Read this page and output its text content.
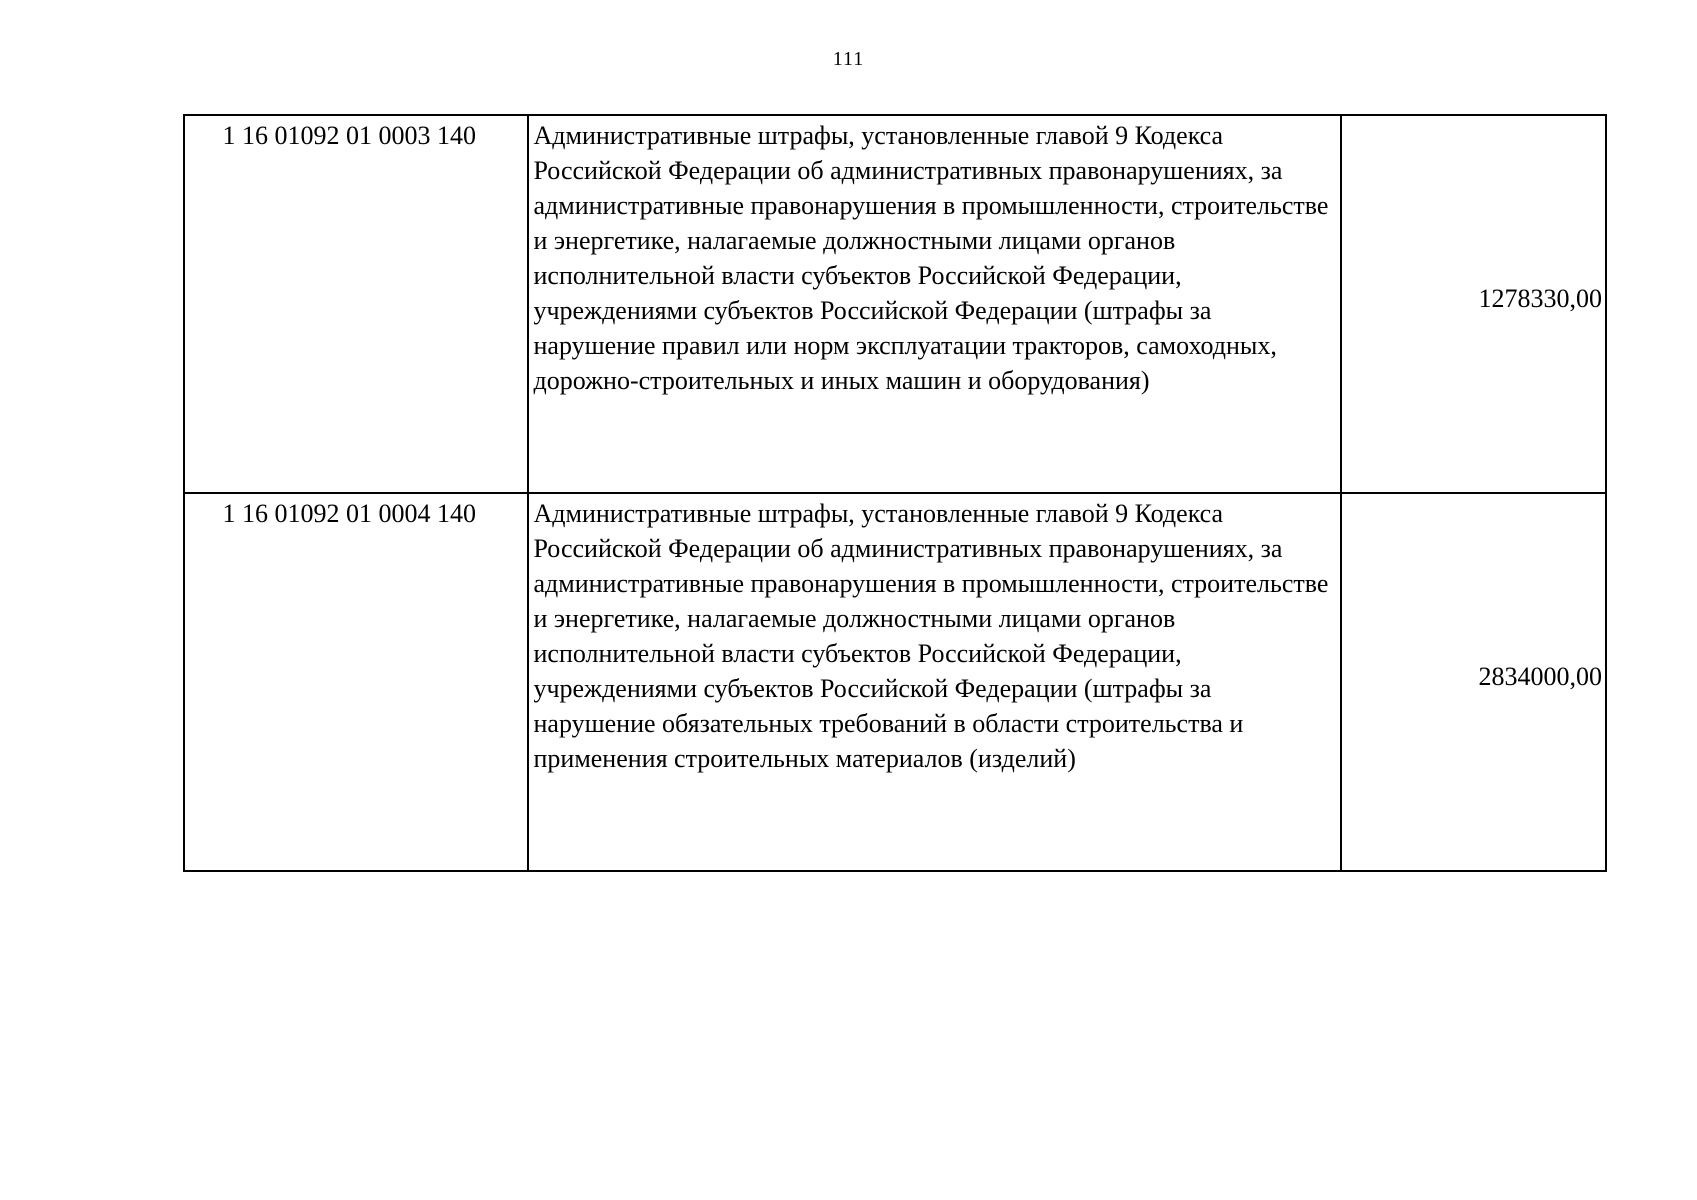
111
1 16 01092 01 0003 140	Административные штрафы, установленные главой 9 Кодекса Российской Федерации об административных правонарушениях, за административные правонарушения в промышленности, строительстве и энергетике, налагаемые должностными лицами органов исполнительной власти субъектов Российской Федерации, учреждениями субъектов Российской Федерации (штрафы за нарушение правил или норм эксплуатации тракторов, самоходных, дорожно-строительных и иных машин и оборудования)	1278330,00
1 16 01092 01 0004 140	Административные штрафы, установленные главой 9 Кодекса Российской Федерации об административных правонарушениях, за административные правонарушения в промышленности, строительстве и энергетике, налагаемые должностными лицами органов исполнительной власти субъектов Российской Федерации, учреждениями субъектов Российской Федерации (штрафы за нарушение обязательных требований в области строительства и применения строительных материалов (изделий)	2834000,00
